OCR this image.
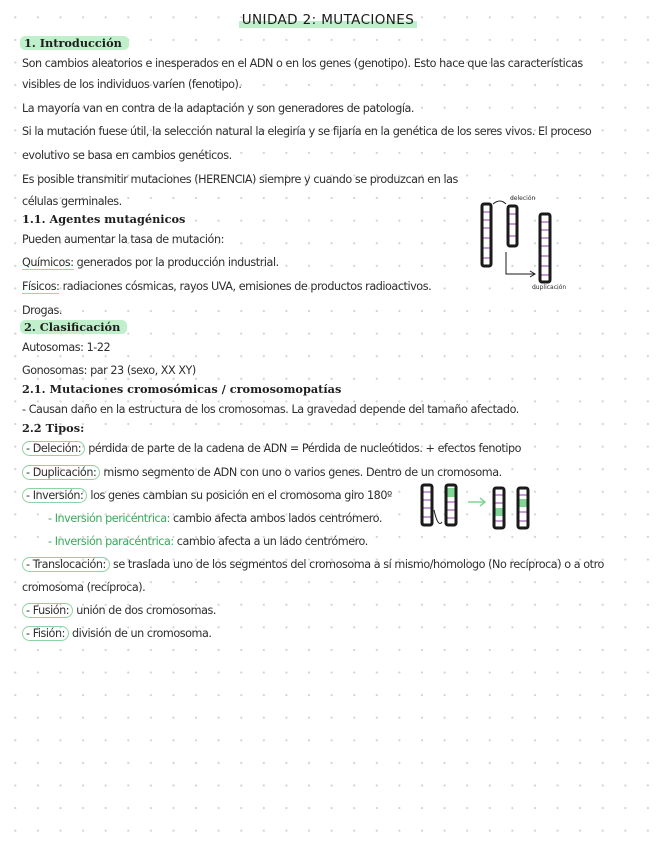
UNIDAD 2: MUTACIONES
1. Introducción
Son cambios aleatorios e inesperados en el ADN o en los genes (genotipo). Esto hace que las características
visibles de los individuos varíen (fenotipo).
La mayoría van en contra de la adaptación y son generadores de patología.
Si la mutación fuese útil, la selección natural la elegiría y se fijaría en la genética de los seres vivos. El proceso
evolutivo se basa en cambios genéticos.
Es posible transmitir mutaciones (HERENCIA) siempre y cuando se produzcan en las
células germinales.
1.1. Agentes mutagénicos
Pueden aumentar la tasa de mutación:
Químicos: generados por la producción industrial.
Físicos: radiaciones cósmicas, rayos UVA, emisiones de productos radioactivos.
Drogas.
2. Clasificación
Autosomas: 1-22
Gonosomas: par 23 (sexo, XX XY)
2.1. Mutaciones cromosómicas / cromosomopatías
- Causan daño en la estructura de los cromosomas. La gravedad depende del tamaño afectado.
2.2 Tipos:
- Deleción: pérdida de parte de la cadena de ADN = Pérdida de nucleótidos. + efectos fenotipo
- Duplicación: mismo segmento de ADN con uno o varios genes. Dentro de un cromosoma.
- Inversión: los genes cambian su posición en el cromosoma giro 180º
- Inversión pericéntrica: cambio afecta ambos lados centrómero.
- Inversión paracéntrica: cambio afecta a un lado centrómero.
- Translocación: se traslada uno de los segmentos del cromosoma a sí mismo/homologo (No recíproca) o a otro
cromosoma (recíproca).
- Fusión: unión de dos cromosomas.
- Fisión: división de un cromosoma.
deleción
duplicación
